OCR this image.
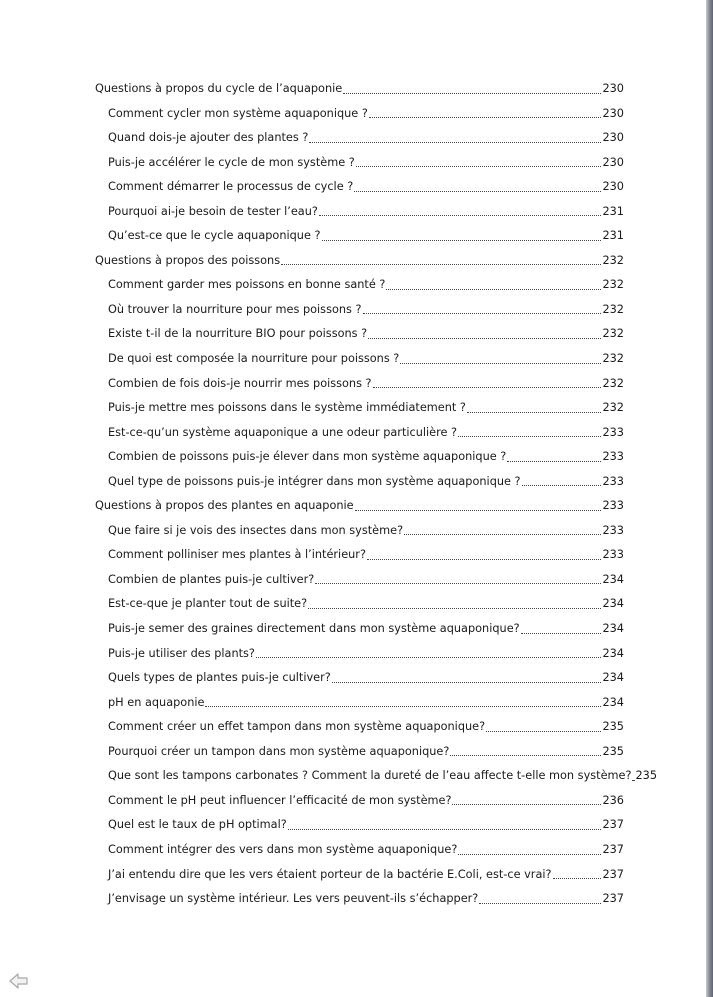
Questions à propos du cycle de l’aquaponie	230
Comment cycler mon système aquaponique ?	230
Quand dois-je ajouter des plantes ?	230
Puis-je accélérer le cycle de mon système ?	230
Comment démarrer le processus de cycle ?	230
Pourquoi ai-je besoin de tester l’eau?	231
Qu’est-ce que le cycle aquaponique ?	231
Questions à propos des poissons	232
Comment garder mes poissons en bonne santé ?	232
Où trouver la nourriture pour mes poissons ?	232
Existe t-il de la nourriture BIO pour poissons ?	232
De quoi est composée la nourriture pour poissons ?	232
Combien de fois dois-je nourrir mes poissons ?	232
Puis-je mettre mes poissons dans le système immédiatement ?	232
Est-ce-qu’un système aquaponique a une odeur particulière ?	233
Combien de poissons puis-je élever dans mon système aquaponique ?	233
Quel type de poissons puis-je intégrer dans mon système aquaponique ?	233
Questions à propos des plantes en aquaponie	233
Que faire si je vois des insectes dans mon système?	233
Comment polliniser mes plantes à l’intérieur?	233
Combien de plantes puis-je cultiver?	234
Est-ce-que je planter tout de suite?	234
Puis-je semer des graines directement dans mon système aquaponique?	234
Puis-je utiliser des plants?	234
Quels types de plantes puis-je cultiver?	234
pH en aquaponie	234
Comment créer un effet tampon dans mon système aquaponique?	235
Pourquoi créer un tampon dans mon système aquaponique?	235
Que sont les tampons carbonates ? Comment la dureté de l’eau affecte t-elle mon système? 235
Comment le pH peut influencer l’efficacité de mon système?	236
Quel est le taux de pH optimal?	237
Comment intégrer des vers dans mon système aquaponique?	237
J’ai entendu dire que les vers étaient porteur de la bactérie E.Coli, est-ce vrai?	237
J’envisage un système intérieur. Les vers peuvent-ils s’échapper?	237
